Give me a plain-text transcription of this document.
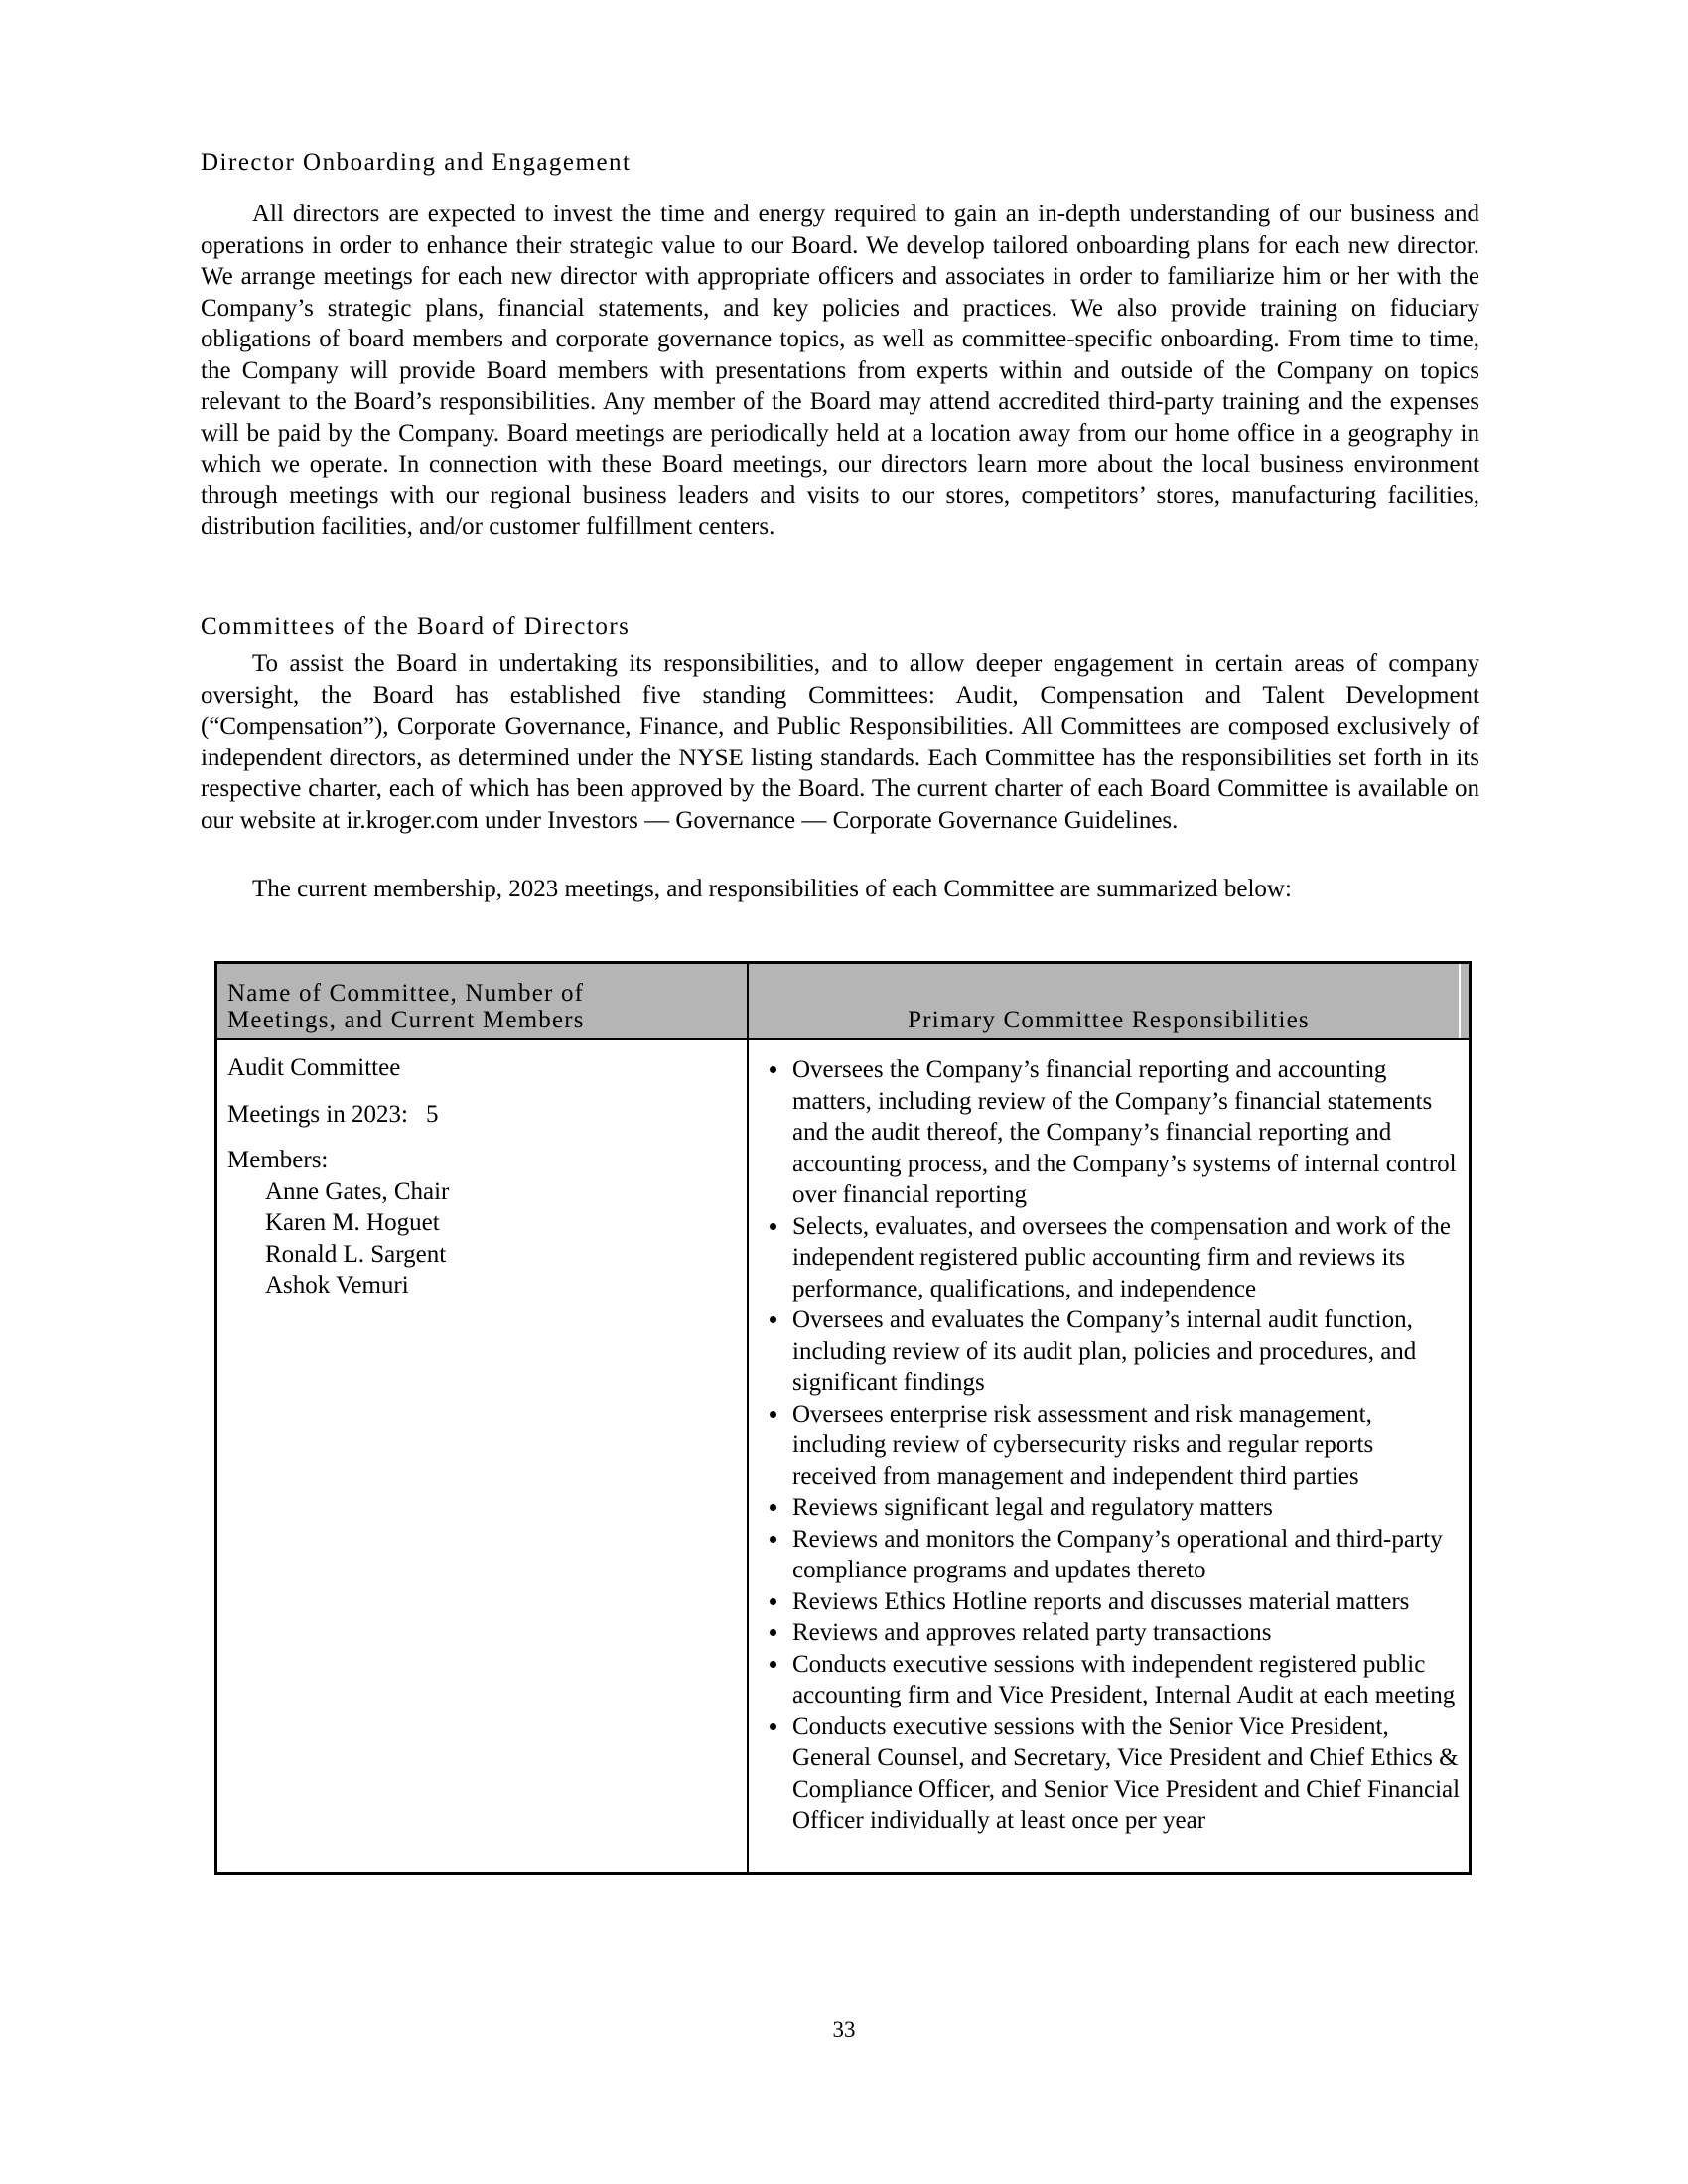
Director Onboarding and Engagement
All directors are expected to invest the time and energy required to gain an in-depth understanding of our business and operations in order to enhance their strategic value to our Board. We develop tailored onboarding plans for each new director. We arrange meetings for each new director with appropriate officers and associates in order to familiarize him or her with the Company’s strategic plans, financial statements, and key policies and practices. We also provide training on fiduciary obligations of board members and corporate governance topics, as well as committee-specific onboarding. From time to time, the Company will provide Board members with presentations from experts within and outside of the Company on topics relevant to the Board’s responsibilities. Any member of the Board may attend accredited third-party training and the expenses will be paid by the Company. Board meetings are periodically held at a location away from our home office in a geography in which we operate. In connection with these Board meetings, our directors learn more about the local business environment through meetings with our regional business leaders and visits to our stores, competitors’ stores, manufacturing facilities, distribution facilities, and/or customer fulfillment centers.
Committees of the Board of Directors
To assist the Board in undertaking its responsibilities, and to allow deeper engagement in certain areas of company oversight, the Board has established five standing Committees: Audit, Compensation and Talent Development (“Compensation”), Corporate Governance, Finance, and Public Responsibilities. All Committees are composed exclusively of independent directors, as determined under the NYSE listing standards. Each Committee has the responsibilities set forth in its respective charter, each of which has been approved by the Board. The current charter of each Board Committee is available on our website at ir.kroger.com under Investors — Governance — Corporate Governance Guidelines.
The current membership, 2023 meetings, and responsibilities of each Committee are summarized below:
Name of Committee, Number of
Meetings, and Current Members	Primary Committee Responsibilities
Audit Committee
Meetings in 2023: 5
Members:
Anne Gates, Chair
Karen M. Hoguet
Ronald L. Sargent
Ashok Vemuri
• Oversees the Company’s financial reporting and accounting matters, including review of the Company’s financial statements and the audit thereof, the Company’s financial reporting and accounting process, and the Company’s systems of internal control over financial reporting
• Selects, evaluates, and oversees the compensation and work of the independent registered public accounting firm and reviews its performance, qualifications, and independence
• Oversees and evaluates the Company’s internal audit function, including review of its audit plan, policies and procedures, and significant findings
• Oversees enterprise risk assessment and risk management, including review of cybersecurity risks and regular reports received from management and independent third parties
• Reviews significant legal and regulatory matters
• Reviews and monitors the Company’s operational and third-party compliance programs and updates thereto
• Reviews Ethics Hotline reports and discusses material matters
• Reviews and approves related party transactions
• Conducts executive sessions with independent registered public accounting firm and Vice President, Internal Audit at each meeting
• Conducts executive sessions with the Senior Vice President, General Counsel, and Secretary, Vice President and Chief Ethics & Compliance Officer, and Senior Vice President and Chief Financial Officer individually at least once per year
33
